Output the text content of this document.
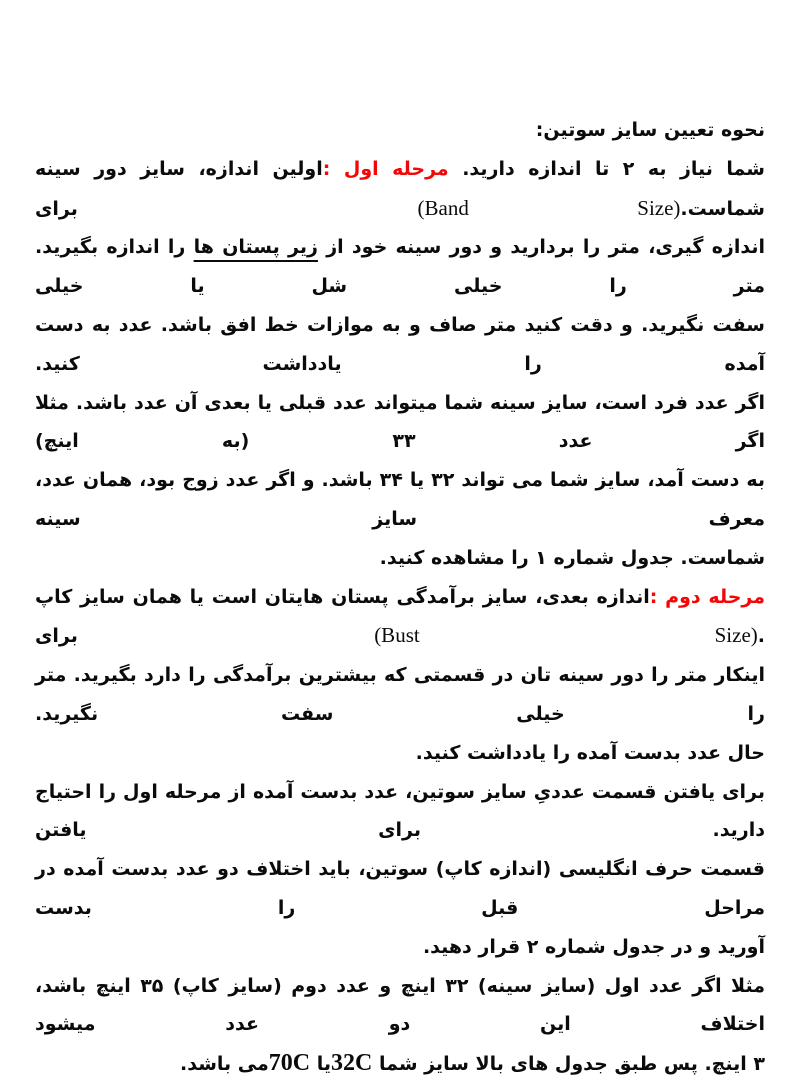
نحوه تعیین سایز سوتین:
شما نیاز به ۲ تا اندازه دارید. مرحله اول :اولین اندازه، سایز دور سینه شماست.(Band Size)  برای
اندازه گیری، متر را بردارید و دور سینه خود از زیر پستان ها را اندازه بگیرید. متر را خیلی شل یا خیلی
سفت نگیرید. و دقت کنید متر صاف و به موازات خط افق باشد. عدد به دست آمده را یادداشت کنید.
اگر عدد فرد است، سایز سینه شما میتواند عدد قبلی یا بعدی آن عدد باشد. مثلا اگر عدد ۳۳ (به اینچ)
به دست آمد، سایز شما می تواند ۳۲ یا ۳۴ باشد. و اگر عدد زوج بود، همان عدد، معرف سایز سینه
شماست. جدول شماره ۱ را مشاهده کنید.
مرحله دوم :اندازه بعدی، سایز برآمدگی پستان هایتان است یا همان سایز کاپ .(Bust Size) برای
اینکار متر را دور سینه تان در قسمتی که بیشترین برآمدگی را دارد بگیرید. متر را خیلی سفت نگیرید.
حال عدد بدست آمده را یادداشت کنید.
برای یافتن قسمت عددیِ سایز سوتین، عدد بدست آمده از مرحله اول را احتیاج دارید. برای یافتن
قسمت حرف انگلیسی (اندازه کاپ) سوتین، باید اختلاف دو عدد بدست آمده در مراحل قبل را بدست
آورید و در جدول شماره ۲ قرار دهید.
مثلا اگر عدد اول (سایز سینه) ۳۲ اینچ و عدد دوم (سایز کاپ) ۳۵ اینچ باشد، اختلاف این دو عدد میشود
۳ اینچ. پس طبق جدول های بالا سایز شما 32Cیا 70Cمی باشد.
